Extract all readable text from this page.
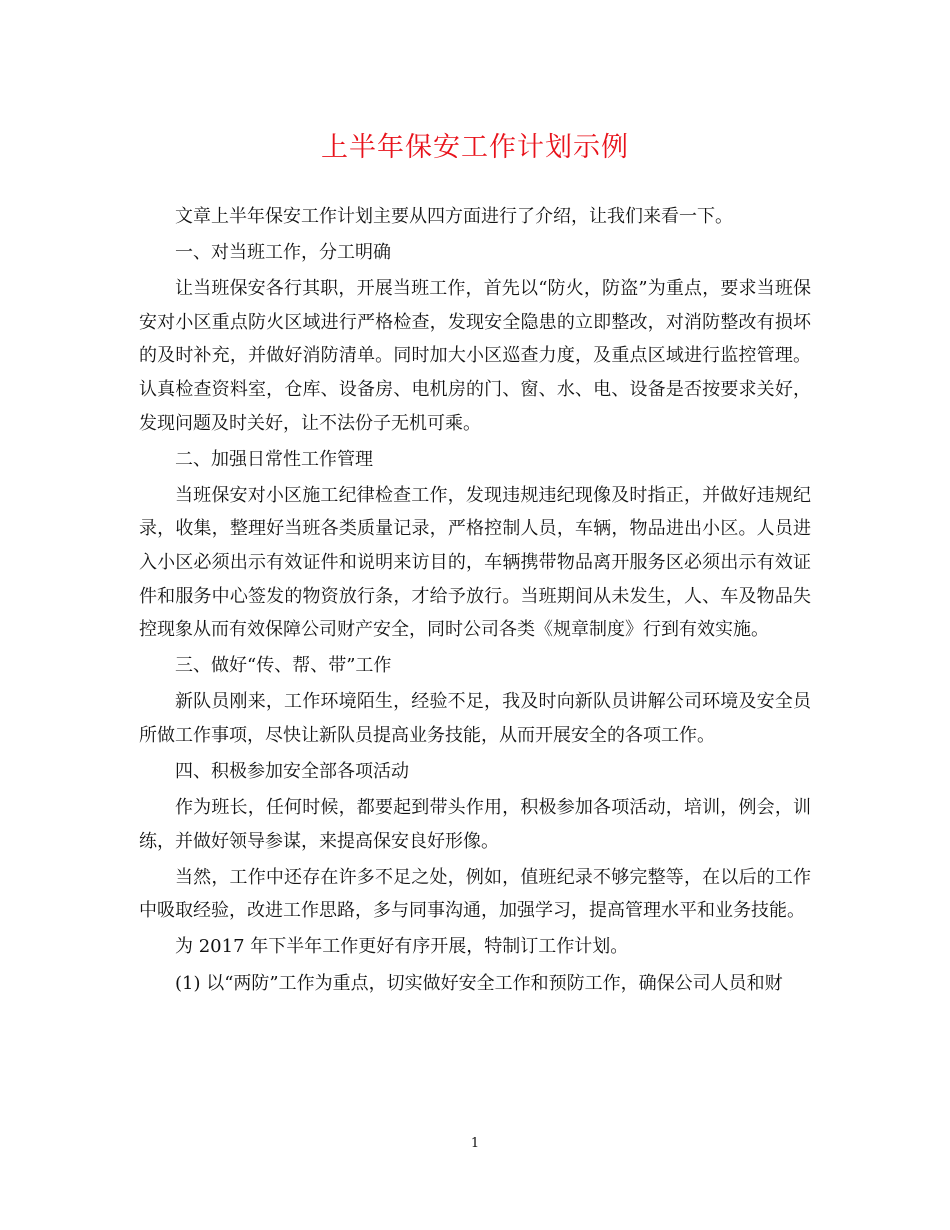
上半年保安工作计划示例

文章上半年保安工作计划主要从四方面进行了介绍，让我们来看一下。

一、对当班工作，分工明确

让当班保安各行其职，开展当班工作，首先以“防火，防盗”为重点，要求当班保安对小区重点防火区域进行严格检查，发现安全隐患的立即整改，对消防整改有损坏的及时补充，并做好消防清单。同时加大小区巡查力度，及重点区域进行监控管理。认真检查资料室，仓库、设备房、电机房的门、窗、水、电、设备是否按要求关好，发现问题及时关好，让不法份子无机可乘。

二、加强日常性工作管理

当班保安对小区施工纪律检查工作，发现违规违纪现像及时指正，并做好违规纪录，收集，整理好当班各类质量记录，严格控制人员，车辆，物品进出小区。人员进入小区必须出示有效证件和说明来访目的，车辆携带物品离开服务区必须出示有效证件和服务中心签发的物资放行条，才给予放行。当班期间从未发生，人、车及物品失控现象从而有效保障公司财产安全，同时公司各类《规章制度》行到有效实施。

三、做好“传、帮、带”工作

新队员刚来，工作环境陌生，经验不足，我及时向新队员讲解公司环境及安全员所做工作事项，尽快让新队员提高业务技能，从而开展安全的各项工作。

四、积极参加安全部各项活动

作为班长，任何时候，都要起到带头作用，积极参加各项活动，培训，例会，训练，并做好领导参谋，来提高保安良好形像。

当然，工作中还存在许多不足之处，例如，值班纪录不够完整等，在以后的工作中吸取经验，改进工作思路，多与同事沟通，加强学习，提高管理水平和业务技能。

为 2017 年下半年工作更好有序开展，特制订工作计划。

(1) 以“两防”工作为重点，切实做好安全工作和预防工作，确保公司人员和财

1
